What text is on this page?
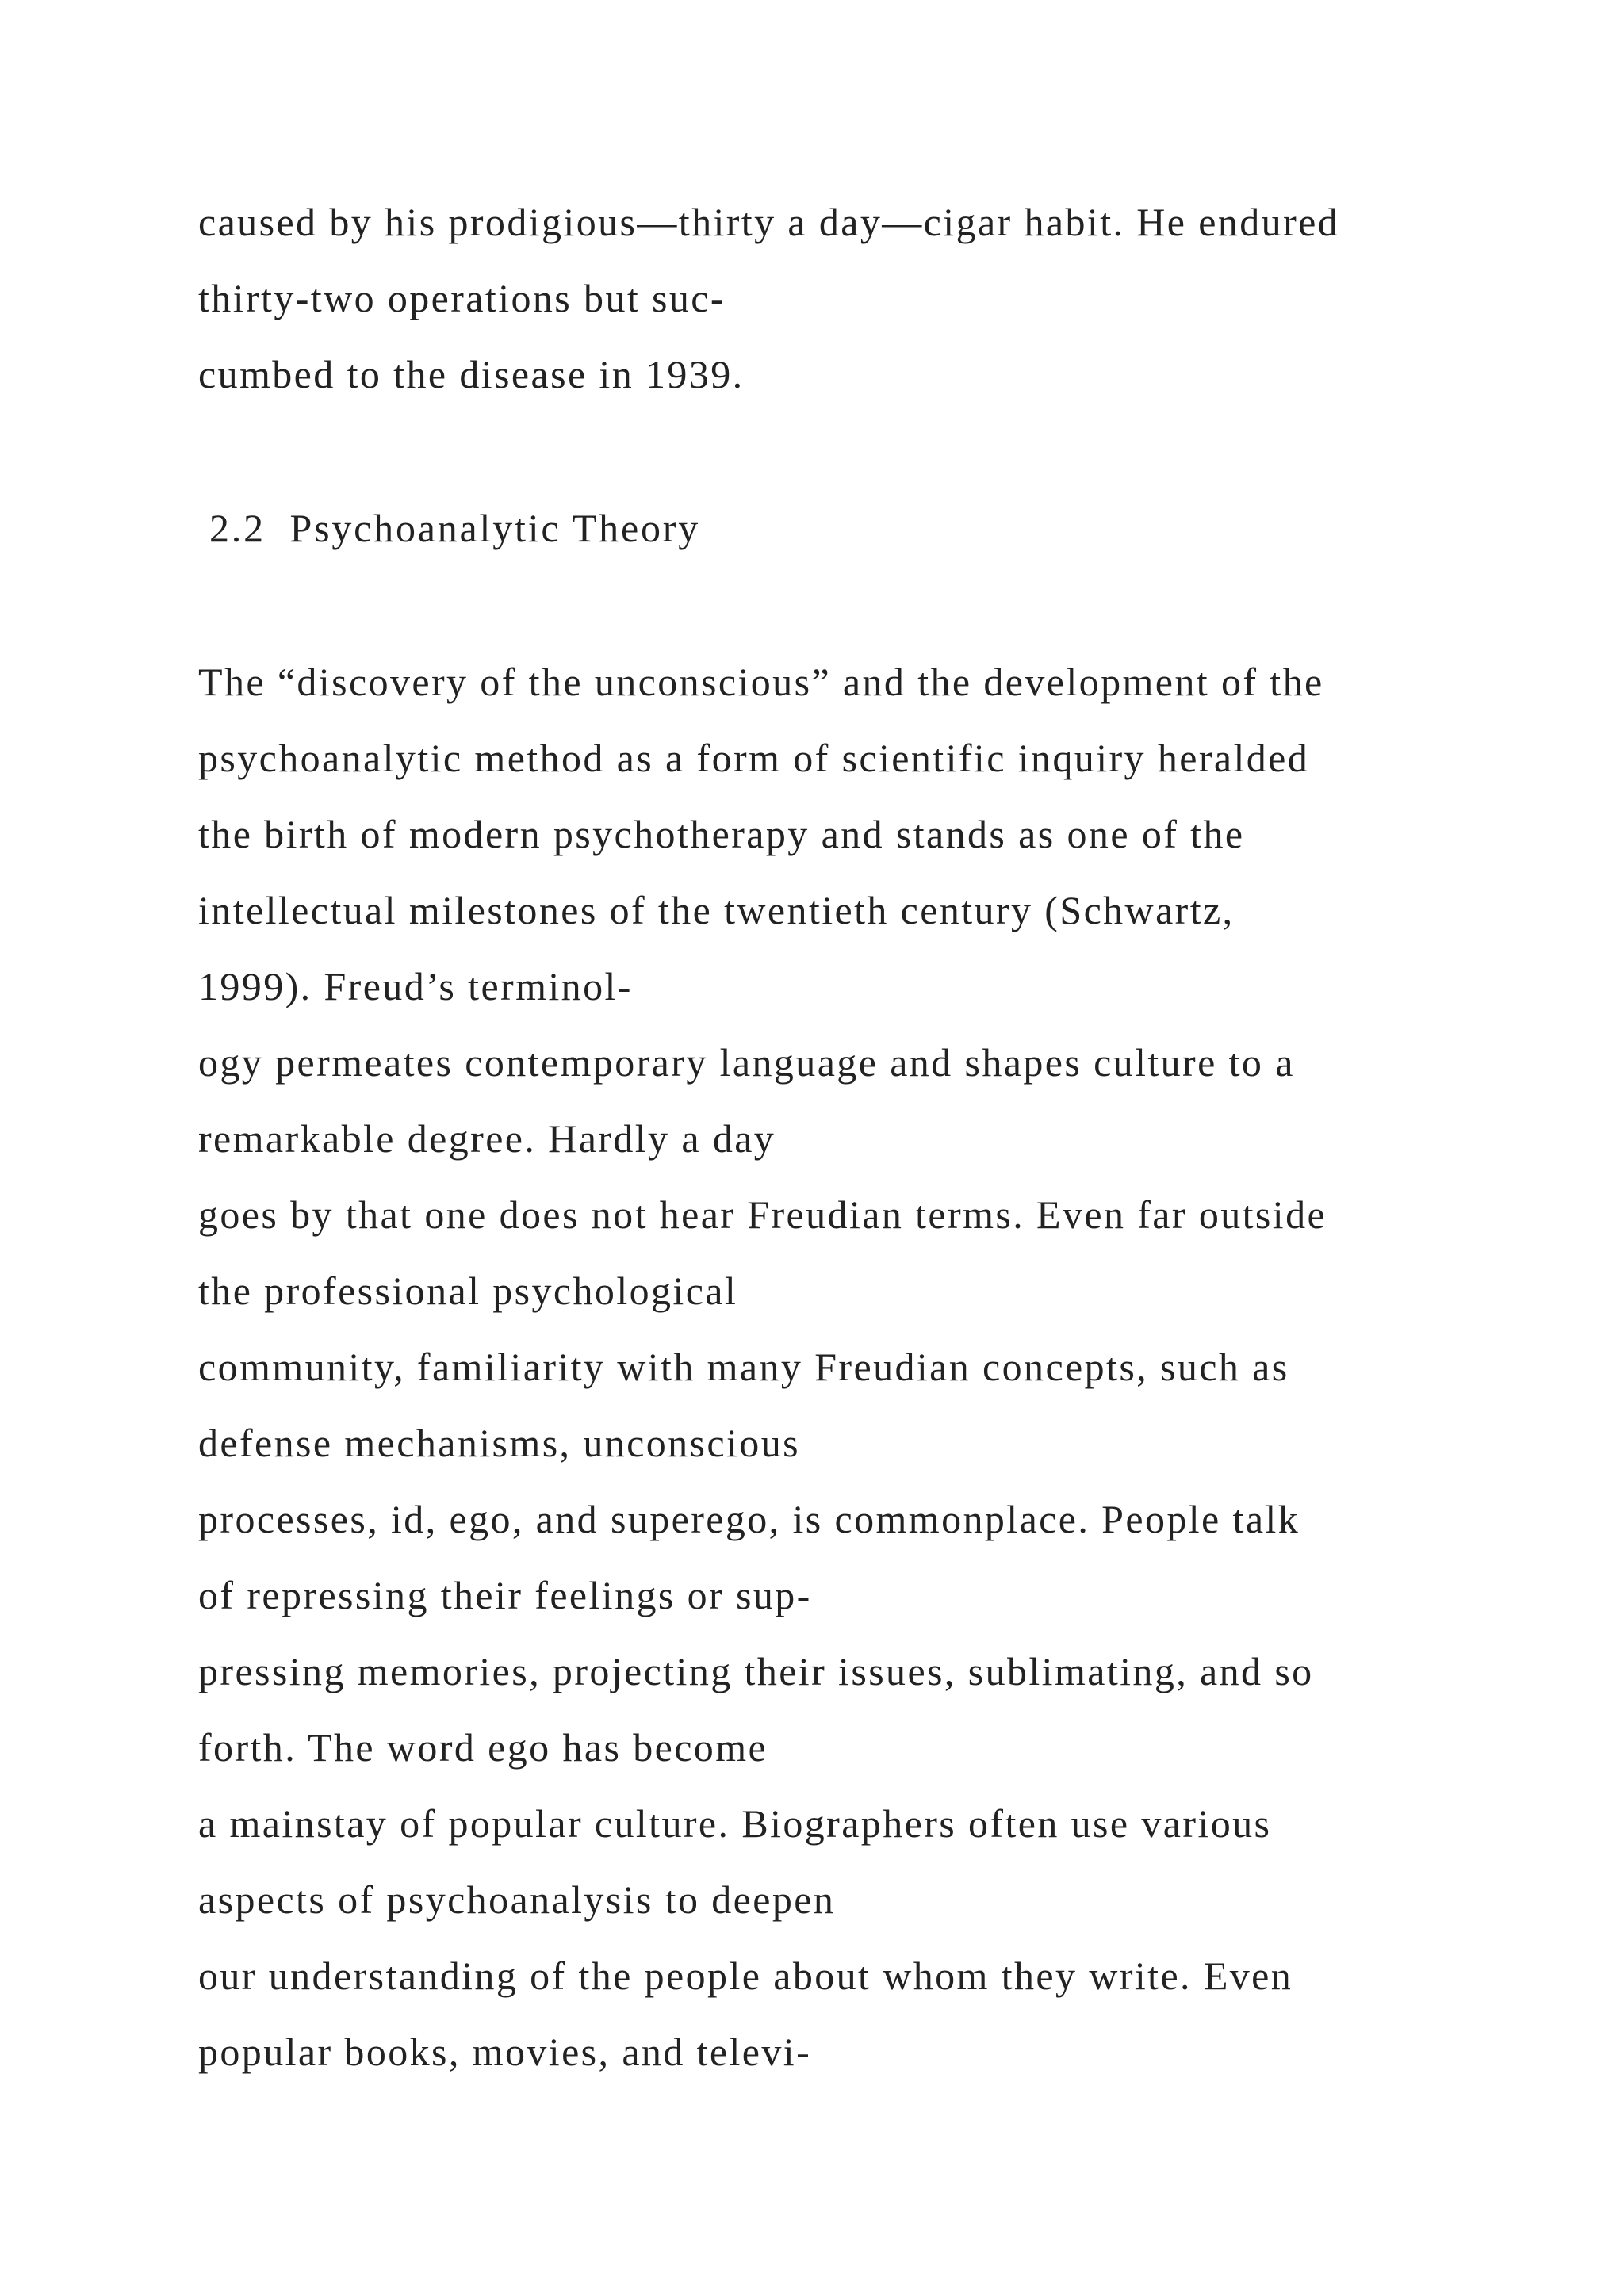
caused by his prodigious—thirty a day—cigar habit. He endured

thirty-two operations but suc-

cumbed to the disease in 1939.

2.2  Psychoanalytic Theory

The “discovery of the unconscious” and the development of the

psychoanalytic method as a form of scientific inquiry heralded

the birth of modern psychotherapy and stands as one of the

intellectual milestones of the twentieth century (Schwartz,

1999). Freud’s terminol-

ogy permeates contemporary language and shapes culture to a

remarkable degree. Hardly a day

goes by that one does not hear Freudian terms. Even far outside

the professional psychological

community, familiarity with many Freudian concepts, such as

defense mechanisms, unconscious

processes, id, ego, and superego, is commonplace. People talk

of repressing their feelings or sup-

pressing memories, projecting their issues, sublimating, and so

forth. The word ego has become

a mainstay of popular culture. Biographers often use various

aspects of psychoanalysis to deepen

our understanding of the people about whom they write. Even

popular books, movies, and televi-
